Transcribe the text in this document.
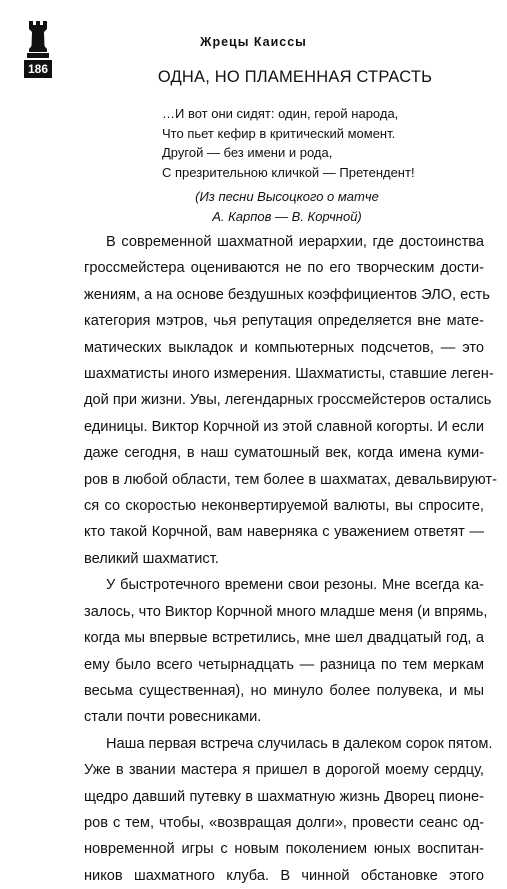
186
Жрецы Каиссы
ОДНА, НО ПЛАМЕННАЯ СТРАСТЬ
…И вот они сидят: один, герой народа,
Что пьет кефир в критический момент.
Другой — без имени и рода,
С презрительною кличкой — Претендент!
(Из песни Высоцкого о матче
А. Карпов — В. Корчной)
В современной шахматной иерархии, где достоинства
гроссмейстера оцениваются не по его творческим дости-
жениям, а на основе бездушных коэффициентов ЭЛО, есть
категория мэтров, чья репутация определяется вне мате-
матических выкладок и компьютерных подсчетов, — это
шахматисты иного измерения. Шахматисты, ставшие леген-
дой при жизни. Увы, легендарных гроссмейстеров остались
единицы. Виктор Корчной из этой славной когорты. И если
даже сегодня, в наш суматошный век, когда имена куми-
ров в любой области, тем более в шахматах, девальвируют-
ся со скоростью неконвертируемой валюты, вы спросите,
кто такой Корчной, вам наверняка с уважением ответят —
великий шахматист.
У быстротечного времени свои резоны. Мне всегда ка-
залось, что Виктор Корчной много младше меня (и впрямь,
когда мы впервые встретились, мне шел двадцатый год, а
ему было всего четырнадцать — разница по тем меркам
весьма существенная), но минуло более полувека, и мы
стали почти ровесниками.
Наша первая встреча случилась в далеком сорок пятом.
Уже в звании мастера я пришел в дорогой моему сердцу,
щедро давший путевку в шахматную жизнь Дворец пионе-
ров с тем, чтобы, «возвращая долги», провести сеанс од-
новременной игры с новым поколением юных воспитан-
ников шахматного клуба. В чинной обстановке этого
